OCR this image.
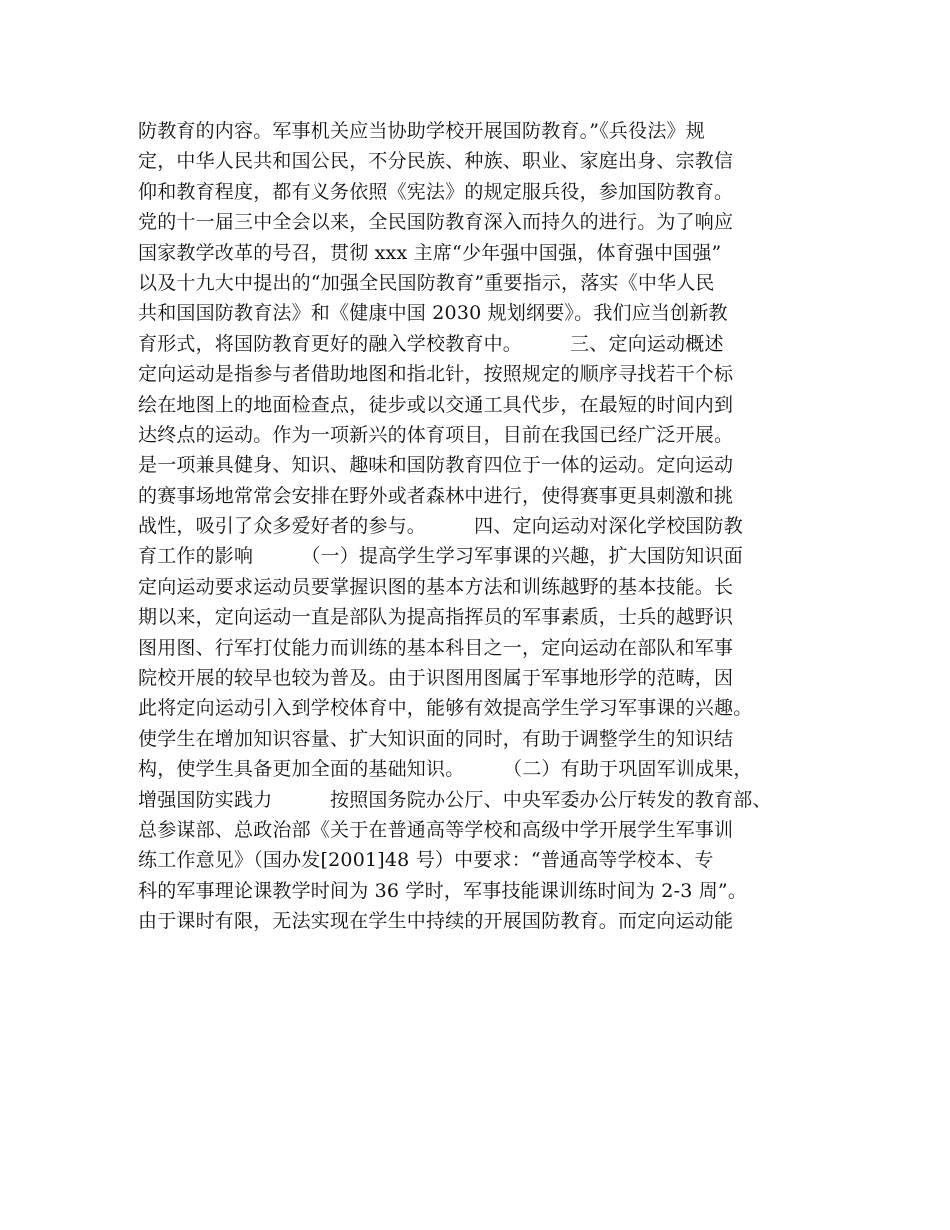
防教育的内容。军事机关应当协助学校开展国防教育。”《兵役法》规
定，中华人民共和国公民，不分民族、种族、职业、家庭出身、宗教信
仰和教育程度，都有义务依照《宪法》的规定服兵役，参加国防教育。
党的十一届三中全会以来，全民国防教育深入而持久的进行。为了响应
国家教学改革的号召，贯彻 xxx 主席“少年强中国强，体育强中国强”
以及十九大中提出的“加强全民国防教育”重要指示，落实《中华人民
共和国国防教育法》和《健康中国 2030 规划纲要》。我们应当创新教
育形式，将国防教育更好的融入学校教育中。　　　三、定向运动概述
定向运动是指参与者借助地图和指北针，按照规定的顺序寻找若干个标
绘在地图上的地面检查点，徒步或以交通工具代步，在最短的时间内到
达终点的运动。作为一项新兴的体育项目，目前在我国已经广泛开展。
是一项兼具健身、知识、趣味和国防教育四位于一体的运动。定向运动
的赛事场地常常会安排在野外或者森林中进行，使得赛事更具刺激和挑
战性，吸引了众多爱好者的参与。　　　四、定向运动对深化学校国防教
育工作的影响　　　（一）提高学生学习军事课的兴趣，扩大国防知识面
定向运动要求运动员要掌握识图的基本方法和训练越野的基本技能。长
期以来，定向运动一直是部队为提高指挥员的军事素质，士兵的越野识
图用图、行军打仗能力而训练的基本科目之一，定向运动在部队和军事
院校开展的较早也较为普及。由于识图用图属于军事地形学的范畴，因
此将定向运动引入到学校体育中，能够有效提高学生学习军事课的兴趣。
使学生在增加知识容量、扩大知识面的同时，有助于调整学生的知识结
构，使学生具备更加全面的基础知识。　　　（二）有助于巩固军训成果，
增强国防实践力　　　按照国务院办公厅、中央军委办公厅转发的教育部、
总参谋部、总政治部《关于在普通高等学校和高级中学开展学生军事训
练工作意见》（国办发[2001]48 号）中要求：“普通高等学校本、专
科的军事理论课教学时间为 36 学时，军事技能课训练时间为 2-3 周”。
由于课时有限，无法实现在学生中持续的开展国防教育。而定向运动能
